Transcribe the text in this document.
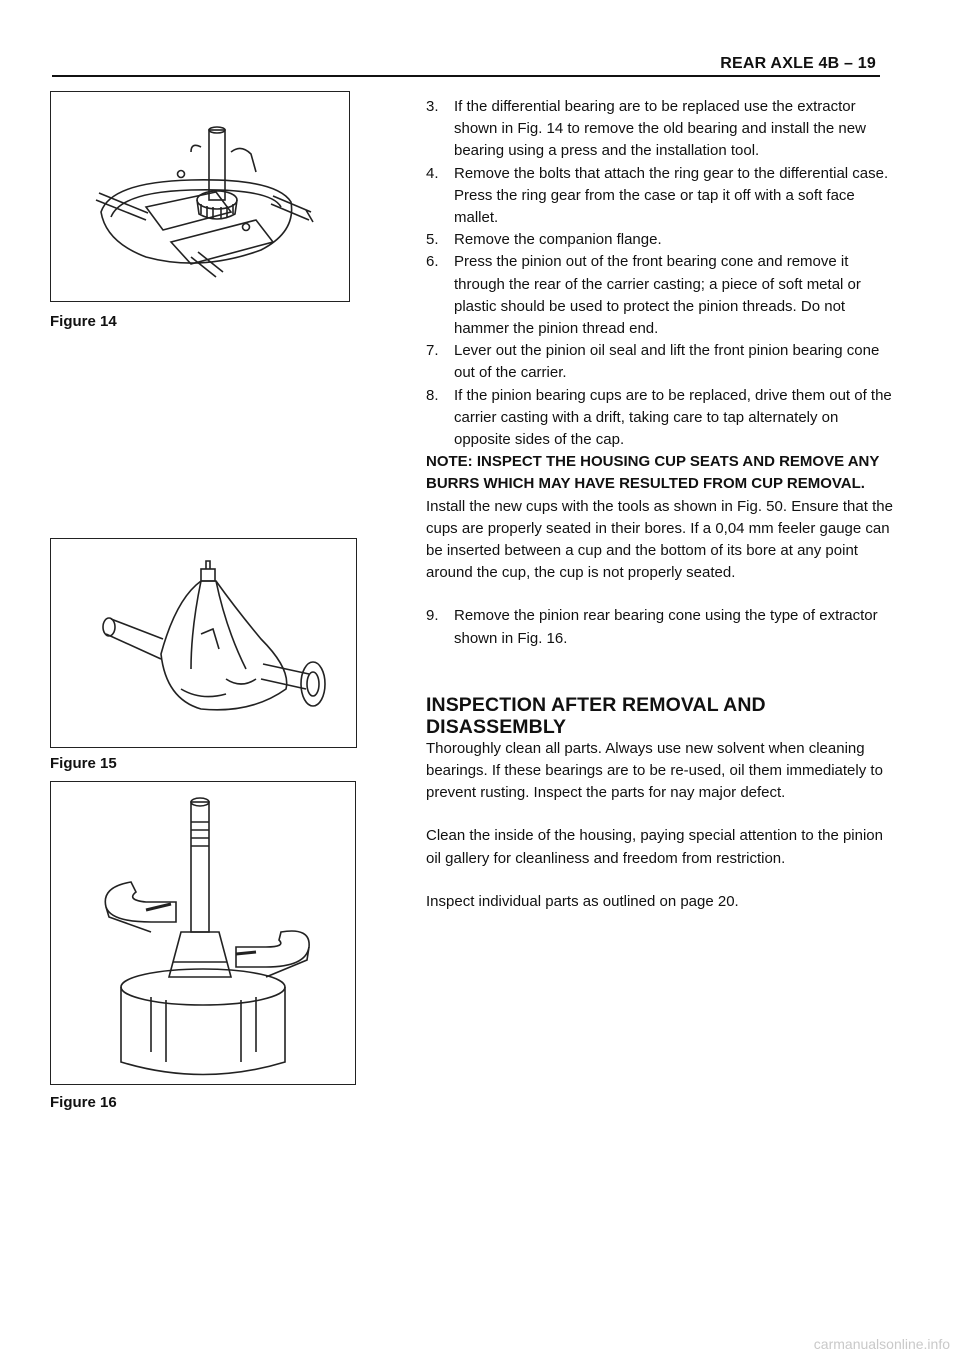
REAR AXLE 4B – 19
Figure 14
Figure 15
Figure 16
3. If the differential bearing are to be replaced use the extractor shown in Fig. 14 to remove the old bearing and install the new bearing using a press and the installation tool.
4. Remove the bolts that attach the ring gear to the differential case. Press the ring gear from the case or tap it off with a soft face mallet.
5. Remove the companion flange.
6. Press the pinion out of the front bearing cone and remove it through the rear of the carrier casting; a piece of soft metal or plastic should be used to protect the pinion threads. Do not hammer the pinion thread end.
7. Lever out the pinion oil seal and lift the front pinion bearing cone out of the carrier.
8. If the pinion bearing cups are to be replaced, drive them out of the carrier casting with a drift, taking care to tap alternately on opposite sides of the cap.

NOTE: INSPECT THE HOUSING CUP SEATS AND REMOVE ANY BURRS WHICH MAY HAVE RESULTED FROM CUP REMOVAL.

Install the new cups with the tools as shown in Fig. 50. Ensure that the cups are properly seated in their bores. If a 0,04 mm feeler gauge can be inserted between a cup and the bottom of its bore at any point around the cup, the cup is not properly seated.

9. Remove the pinion rear bearing cone using the type of extractor shown in Fig. 16.

INSPECTION AFTER REMOVAL AND DISASSEMBLY

Thoroughly clean all parts. Always use new solvent when cleaning bearings. If these bearings are to be re-used, oil them immediately to prevent rusting. Inspect the parts for nay major defect.

Clean the inside of the housing, paying special attention to the pinion oil gallery for cleanliness and freedom from restriction.

Inspect individual parts as outlined on page 20.

carmanualsonline.info
